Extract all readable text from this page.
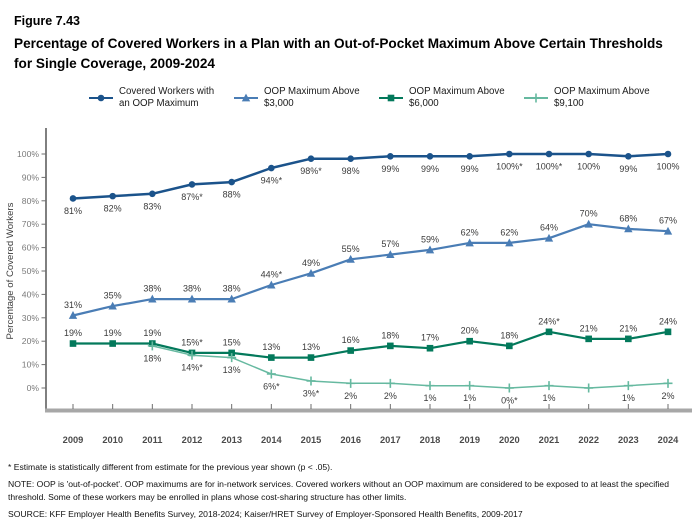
Figure 7.43

Percentage of Covered Workers in a Plan with an Out-of-Pocket Maximum Above Certain Thresholds for Single Coverage, 2009-2024

Covered Workers with an OOP Maximum
OOP Maximum Above $3,000
OOP Maximum Above $6,000
OOP Maximum Above $9,100
0%
10%
20%
30%
40%
50%
60%
70%
80%
90%
100%
2009 2010 2011 2012 2013 2014 2015 2016 2017 2018 2019 2020 2021 2022 2023 2024
Percentage of Covered Workers	81% 82% 83%
87%* 88%
94%*
98%* 98% 99% 99% 99% 100%* 100%* 100% 99% 100%
31%
35%
38% 38% 38%
44%*
49%
55% 57% 59%
62% 62% 64%
70% 68% 67%
19% 19% 19%
15%* 15% 13% 13%
16% 18% 17%
20% 18%
24%*
21% 21%
24%
18%
14%* 13%
6%*
3%*	2%	2%	1%	1%	0%*	1%	1%	2%

* Estimate is statistically different from estimate for the previous year shown (p < .05).

NOTE: OOP is 'out-of-pocket'. OOP maximums are for in-network services. Covered workers without an OOP maximum are considered to be exposed to at least the specified threshold. Some of these workers may be enrolled in plans whose cost-sharing structure has other limits.

SOURCE: KFF Employer Health Benefits Survey, 2018-2024; Kaiser/HRET Survey of Employer-Sponsored Health Benefits, 2009-2017
